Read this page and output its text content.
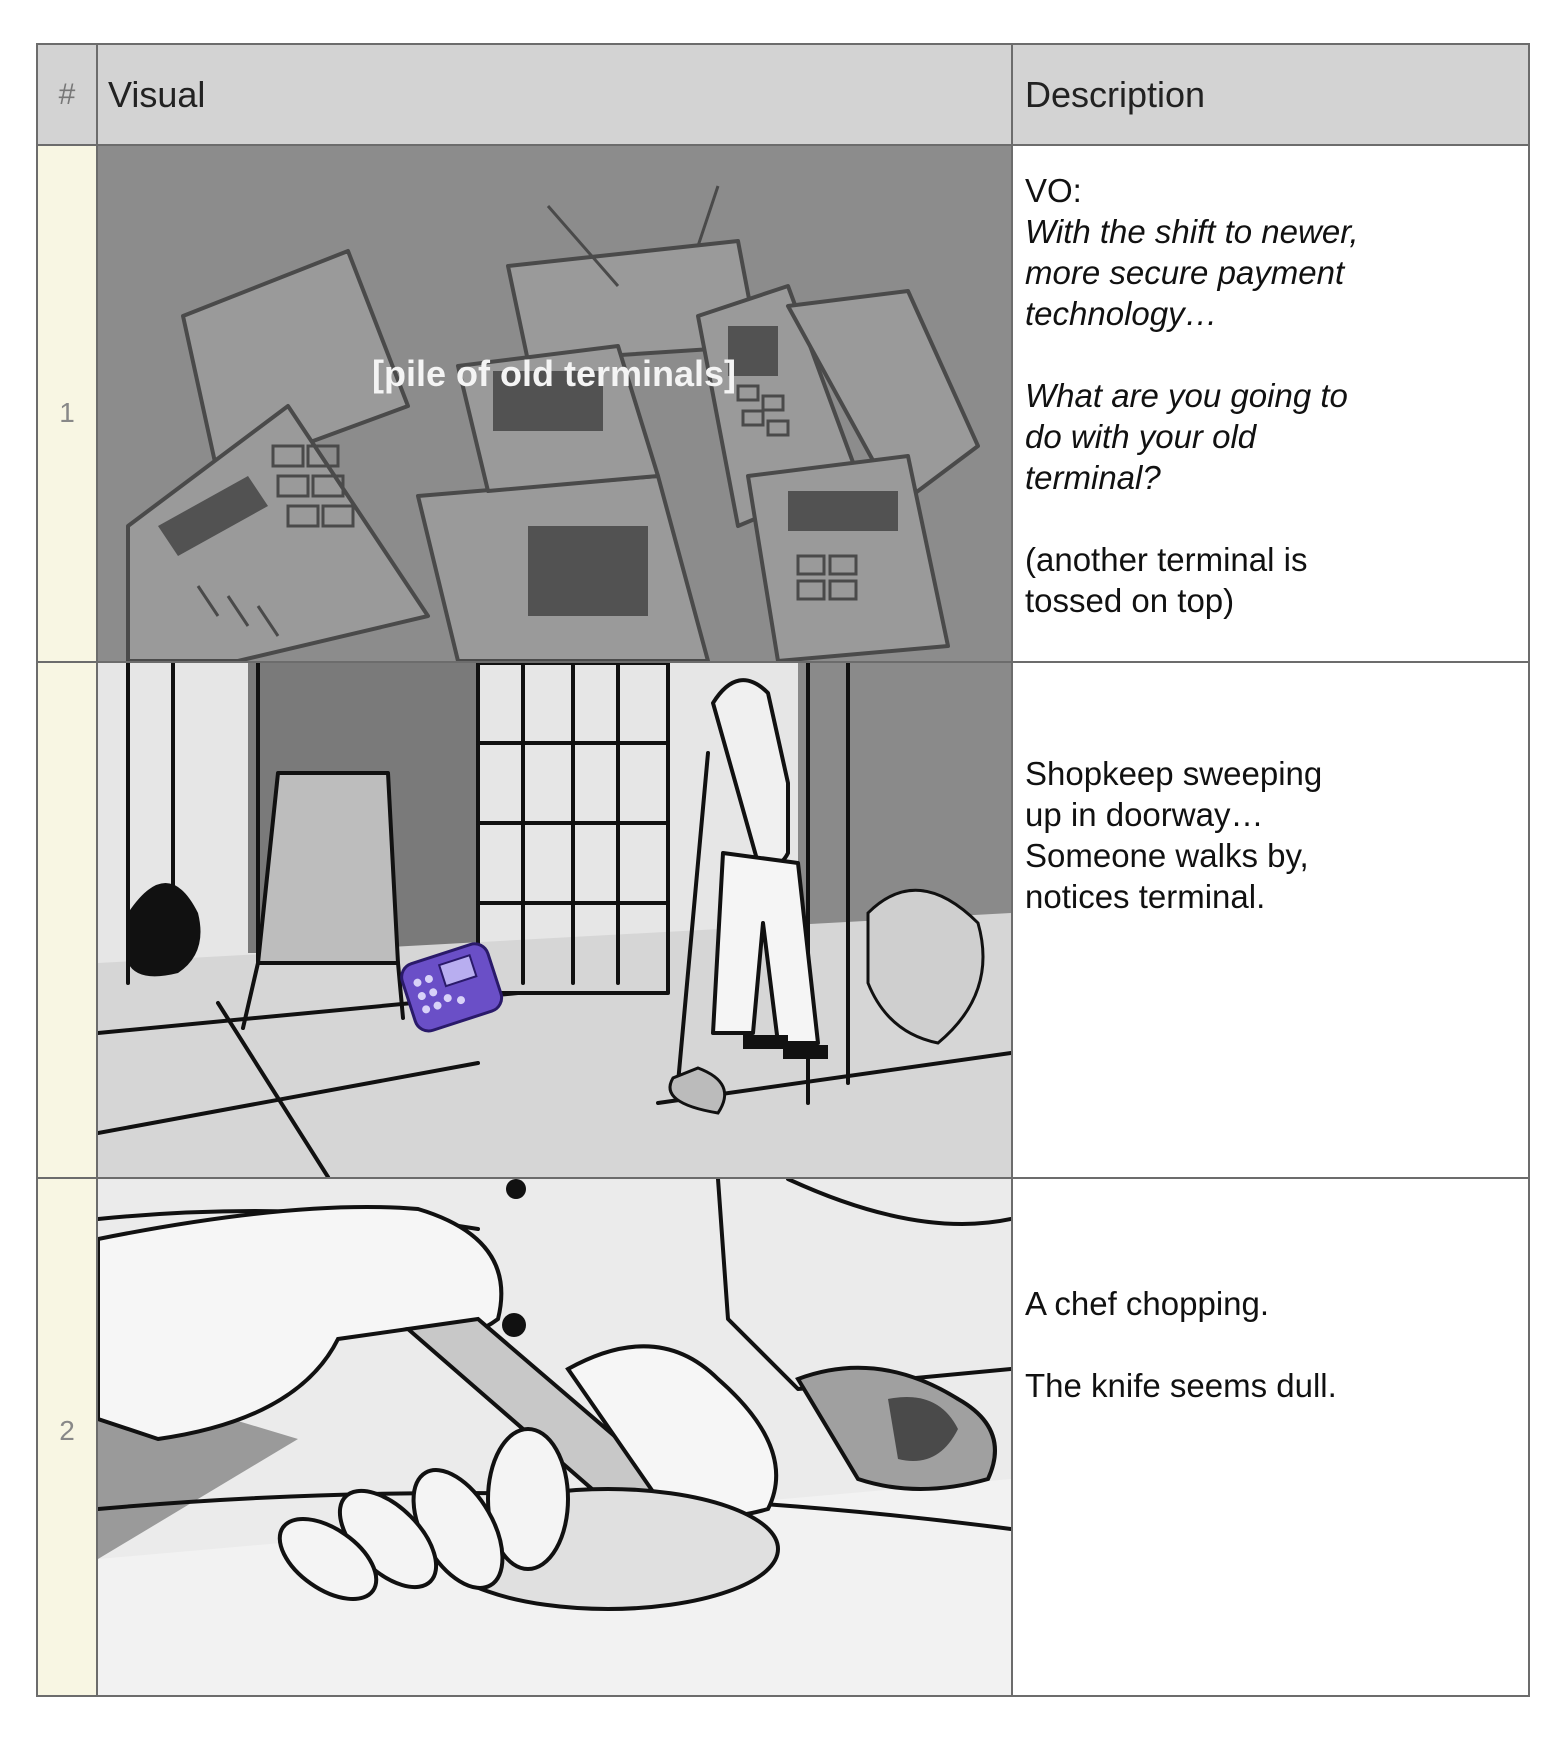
# Visual	Description
1
[pile of old terminals]

VO:

With the shift to newer,

more secure payment

technology…

What are you going to

do with your old

terminal?

(another terminal is

tossed on top)

Shopkeep sweeping

up in doorway…

Someone walks by,

notices terminal.

2

A chef chopping.

The knife seems dull.
